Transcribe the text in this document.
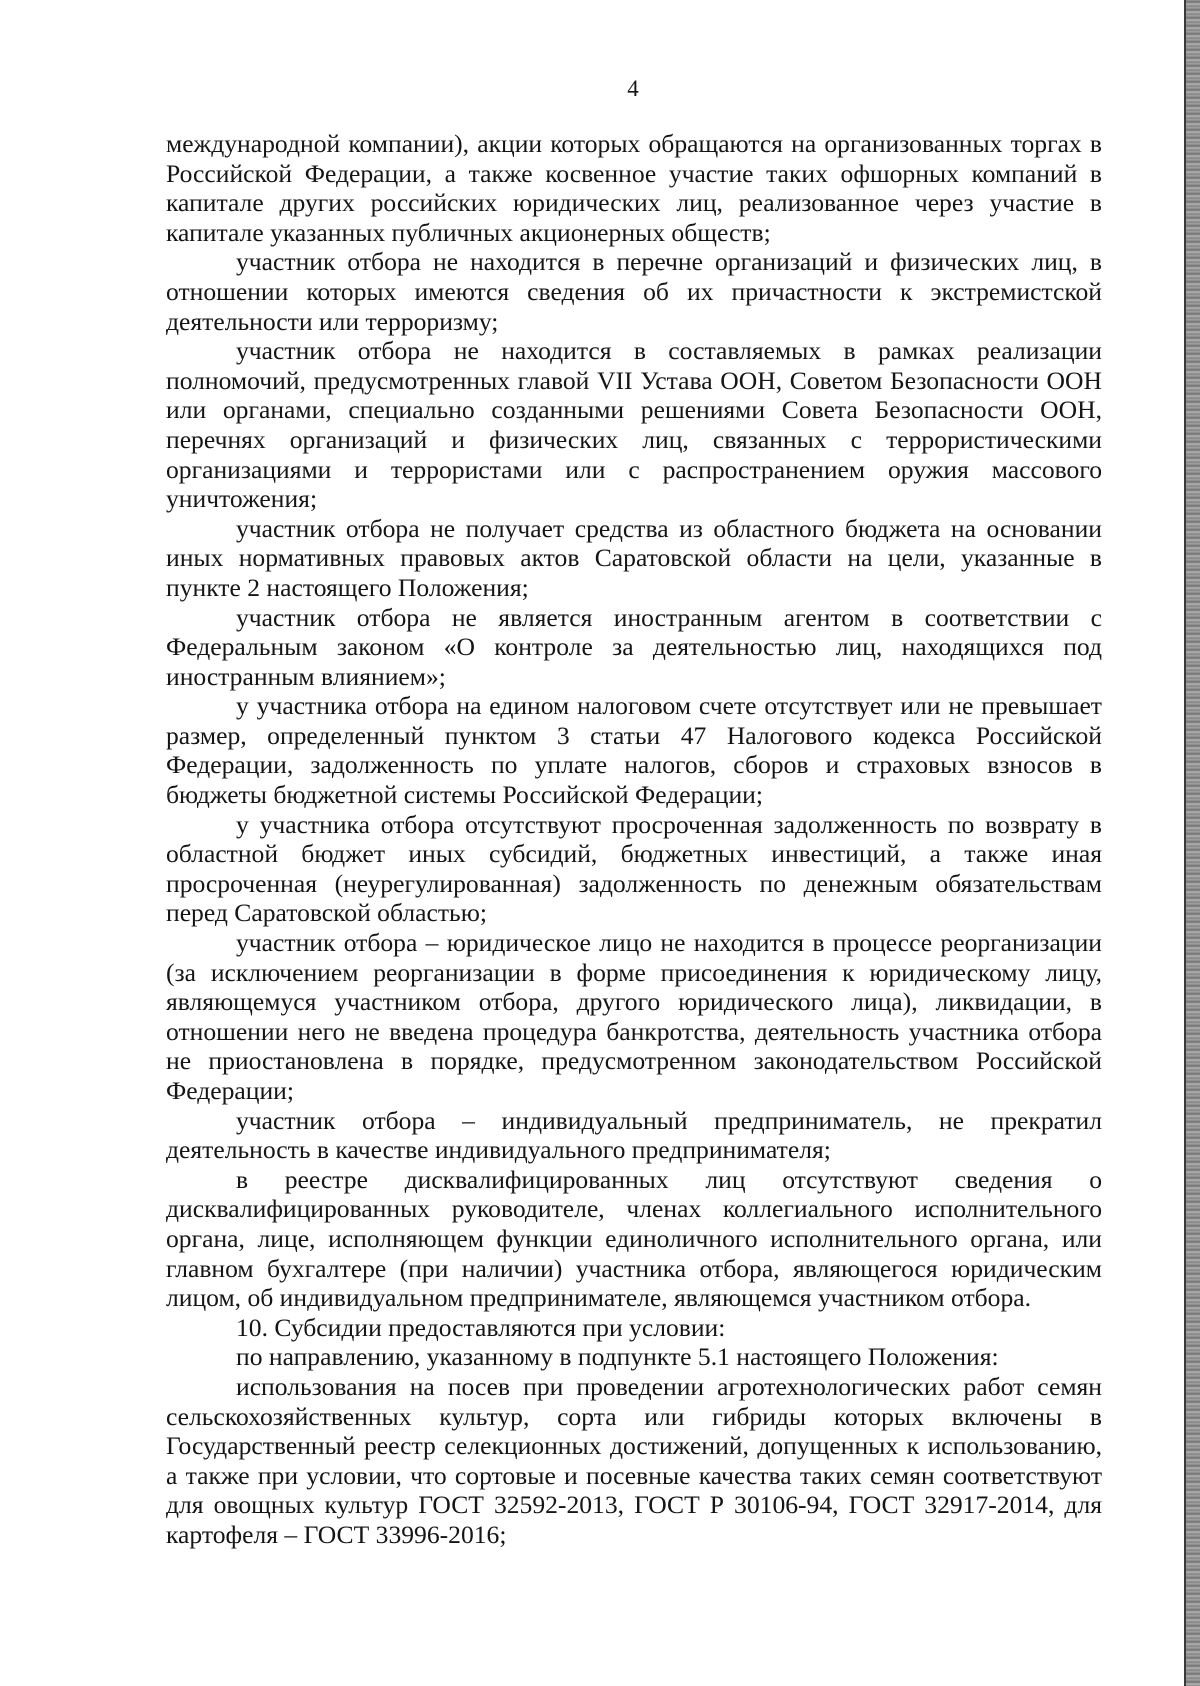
4

международной компании), акции которых обращаются на организованных торгах в Российской Федерации, а также косвенное участие таких офшорных компаний в капитале других российских юридических лиц, реализованное через участие в капитале указанных публичных акционерных обществ;

участник отбора не находится в перечне организаций и физических лиц, в отношении которых имеются сведения об их причастности к экстремистской деятельности или терроризму;

участник отбора не находится в составляемых в рамках реализации полномочий, предусмотренных главой VII Устава ООН, Советом Безопасности ООН или органами, специально созданными решениями Совета Безопасности ООН, перечнях организаций и физических лиц, связанных с террористическими организациями и террористами или с распространением оружия массового уничтожения;

участник отбора не получает средства из областного бюджета на основании иных нормативных правовых актов Саратовской области на цели, указанные в пункте 2 настоящего Положения;

участник отбора не является иностранным агентом в соответствии с Федеральным законом «О контроле за деятельностью лиц, находящихся под иностранным влиянием»;

у участника отбора на едином налоговом счете отсутствует или не превышает размер, определенный пунктом 3 статьи 47 Налогового кодекса Российской Федерации, задолженность по уплате налогов, сборов и страховых взносов в бюджеты бюджетной системы Российской Федерации;

у участника отбора отсутствуют просроченная задолженность по возврату в областной бюджет иных субсидий, бюджетных инвестиций, а также иная просроченная (неурегулированная) задолженность по денежным обязательствам перед Саратовской областью;

участник отбора – юридическое лицо не находится в процессе реорганизации (за исключением реорганизации в форме присоединения к юридическому лицу, являющемуся участником отбора, другого юридического лица), ликвидации, в отношении него не введена процедура банкротства, деятельность участника отбора не приостановлена в порядке, предусмотренном законодательством Российской Федерации;

участник отбора – индивидуальный предприниматель, не прекратил деятельность в качестве индивидуального предпринимателя;

в реестре дисквалифицированных лиц отсутствуют сведения о дисквалифицированных руководителе, членах коллегиального исполнительного органа, лице, исполняющем функции единоличного исполнительного органа, или главном бухгалтере (при наличии) участника отбора, являющегося юридическим лицом, об индивидуальном предпринимателе, являющемся участником отбора.

10. Субсидии предоставляются при условии:

по направлению, указанному в подпункте 5.1 настоящего Положения:

использования на посев при проведении агротехнологических работ семян сельскохозяйственных культур, сорта или гибриды которых включены в Государственный реестр селекционных достижений, допущенных к использованию, а также при условии, что сортовые и посевные качества таких семян соответствуют для овощных культур ГОСТ 32592-2013, ГОСТ Р 30106-94, ГОСТ 32917-2014, для картофеля – ГОСТ 33996-2016;
